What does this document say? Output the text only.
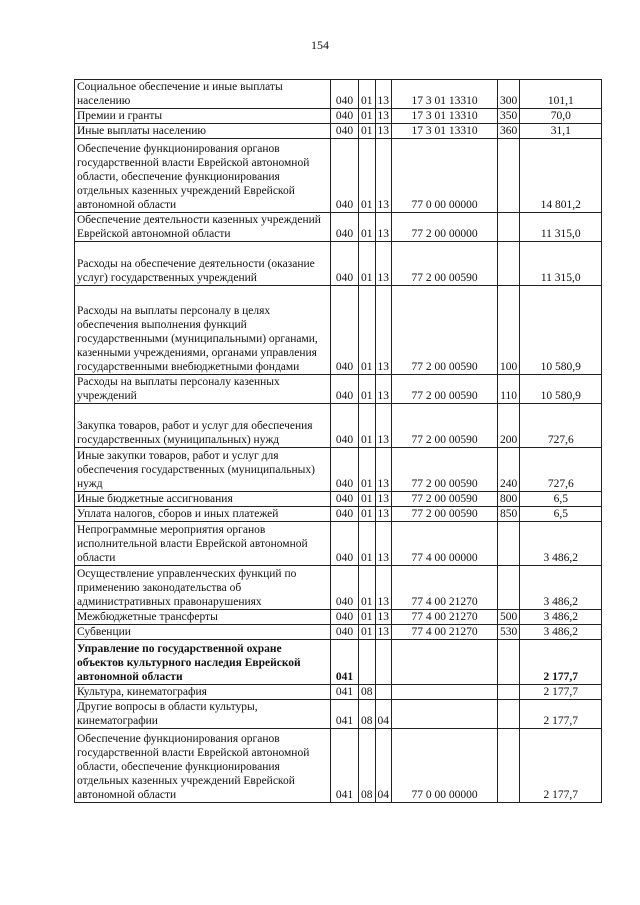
154
Социальное обеспечение и иные выплаты населению	040	01	13	17 3 01 13310	300	101,1
Премии и гранты	040	01	13	17 3 01 13310	350	70,0
Иные выплаты населению	040	01	13	17 3 01 13310	360	31,1
Обеспечение функционирования органов государственной власти Еврейской автономной области, обеспечение функционирования отдельных казенных учреждений Еврейской автономной области	040	01	13	77 0 00 00000		14 801,2
Обеспечение деятельности казенных учреждений Еврейской автономной области	040	01	13	77 2 00 00000		11 315,0
Расходы на обеспечение деятельности (оказание услуг) государственных учреждений	040	01	13	77 2 00 00590		11 315,0
Расходы на выплаты персоналу в целях обеспечения выполнения функций государственными (муниципальными) органами, казенными учреждениями, органами управления государственными внебюджетными фондами	040	01	13	77 2 00 00590	100	10 580,9
Расходы на выплаты персоналу казенных учреждений	040	01	13	77 2 00 00590	110	10 580,9
Закупка товаров, работ и услуг для обеспечения государственных (муниципальных) нужд	040	01	13	77 2 00 00590	200	727,6
Иные закупки товаров, работ и услуг для обеспечения государственных (муниципальных) нужд	040	01	13	77 2 00 00590	240	727,6
Иные бюджетные ассигнования	040	01	13	77 2 00 00590	800	6,5
Уплата налогов, сборов и иных платежей	040	01	13	77 2 00 00590	850	6,5
Непрограммные мероприятия органов исполнительной власти Еврейской автономной области	040	01	13	77 4 00 00000		3 486,2
Осуществление управленческих функций по применению законодательства об административных правонарушениях	040	01	13	77 4 00 21270		3 486,2
Межбюджетные трансферты	040	01	13	77 4 00 21270	500	3 486,2
Субвенции	040	01	13	77 4 00 21270	530	3 486,2
Управление по государственной охране объектов культурного наследия Еврейской автономной области	041					2 177,7
Культура, кинематография	041	08				2 177,7
Другие вопросы в области культуры, кинематографии	041	08	04			2 177,7
Обеспечение функционирования органов государственной власти Еврейской автономной области, обеспечение функционирования отдельных казенных учреждений Еврейской автономной области	041	08	04	77 0 00 00000		2 177,7
